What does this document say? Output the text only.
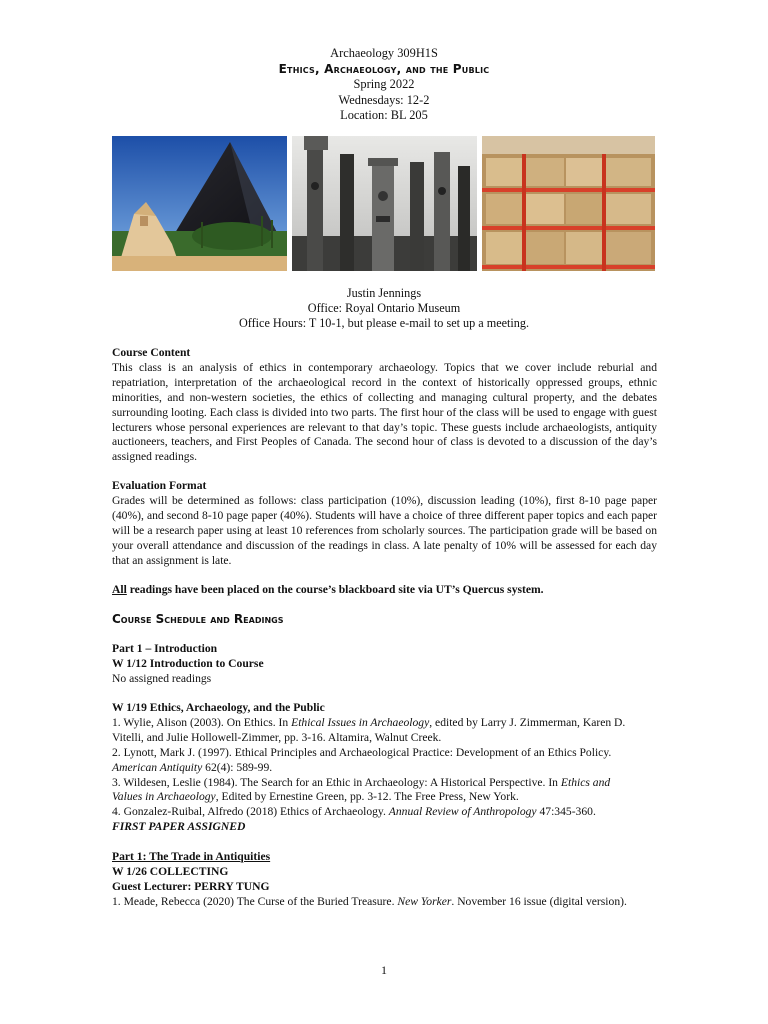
Archaeology 309H1S
Ethics, Archaeology, and the Public
Spring 2022
Wednesdays: 12-2
Location: BL 205
Justin Jennings
Office: Royal Ontario Museum
Office Hours: T 10-1, but please e-mail to set up a meeting.
Course Content
This class is an analysis of ethics in contemporary archaeology. Topics that we cover include reburial and repatriation, interpretation of the archaeological record in the context of historically oppressed groups, ethnic minorities, and non-western societies, the ethics of collecting and managing cultural property, and the debates surrounding looting. Each class is divided into two parts. The first hour of the class will be used to engage with guest lecturers whose personal experiences are relevant to that day’s topic. These guests include archaeologists, antiquity auctioneers, teachers, and First Peoples of Canada. The second hour of class is devoted to a discussion of the day’s assigned readings.
Evaluation Format
Grades will be determined as follows: class participation (10%), discussion leading (10%), first 8-10 page paper (40%), and second 8-10 page paper (40%). Students will have a choice of three different paper topics and each paper will be a research paper using at least 10 references from scholarly sources. The participation grade will be based on your overall attendance and discussion of the readings in class. A late penalty of 10% will be assessed for each day that an assignment is late.
All readings have been placed on the course’s blackboard site via UT’s Quercus system.
Course Schedule and Readings
Part 1 – Introduction
W 1/12 Introduction to Course
No assigned readings
W 1/19 Ethics, Archaeology, and the Public
1. Wylie, Alison (2003). On Ethics. In Ethical Issues in Archaeology, edited by Larry J. Zimmerman, Karen D.
Vitelli, and Julie Hollowell-Zimmer, pp. 3-16. Altamira, Walnut Creek.
2. Lynott, Mark J. (1997). Ethical Principles and Archaeological Practice: Development of an Ethics Policy.
American Antiquity 62(4): 589-99.
3. Wildesen, Leslie (1984). The Search for an Ethic in Archaeology: A Historical Perspective. In Ethics and
Values in Archaeology, Edited by Ernestine Green, pp. 3-12. The Free Press, New York.
4. Gonzalez-Ruibal, Alfredo (2018) Ethics of Archaeology. Annual Review of Anthropology 47:345-360.
FIRST PAPER ASSIGNED
Part 1: The Trade in Antiquities
W 1/26 COLLECTING
Guest Lecturer: PERRY TUNG
1. Meade, Rebecca (2020) The Curse of the Buried Treasure. New Yorker. November 16 issue (digital version).
1
